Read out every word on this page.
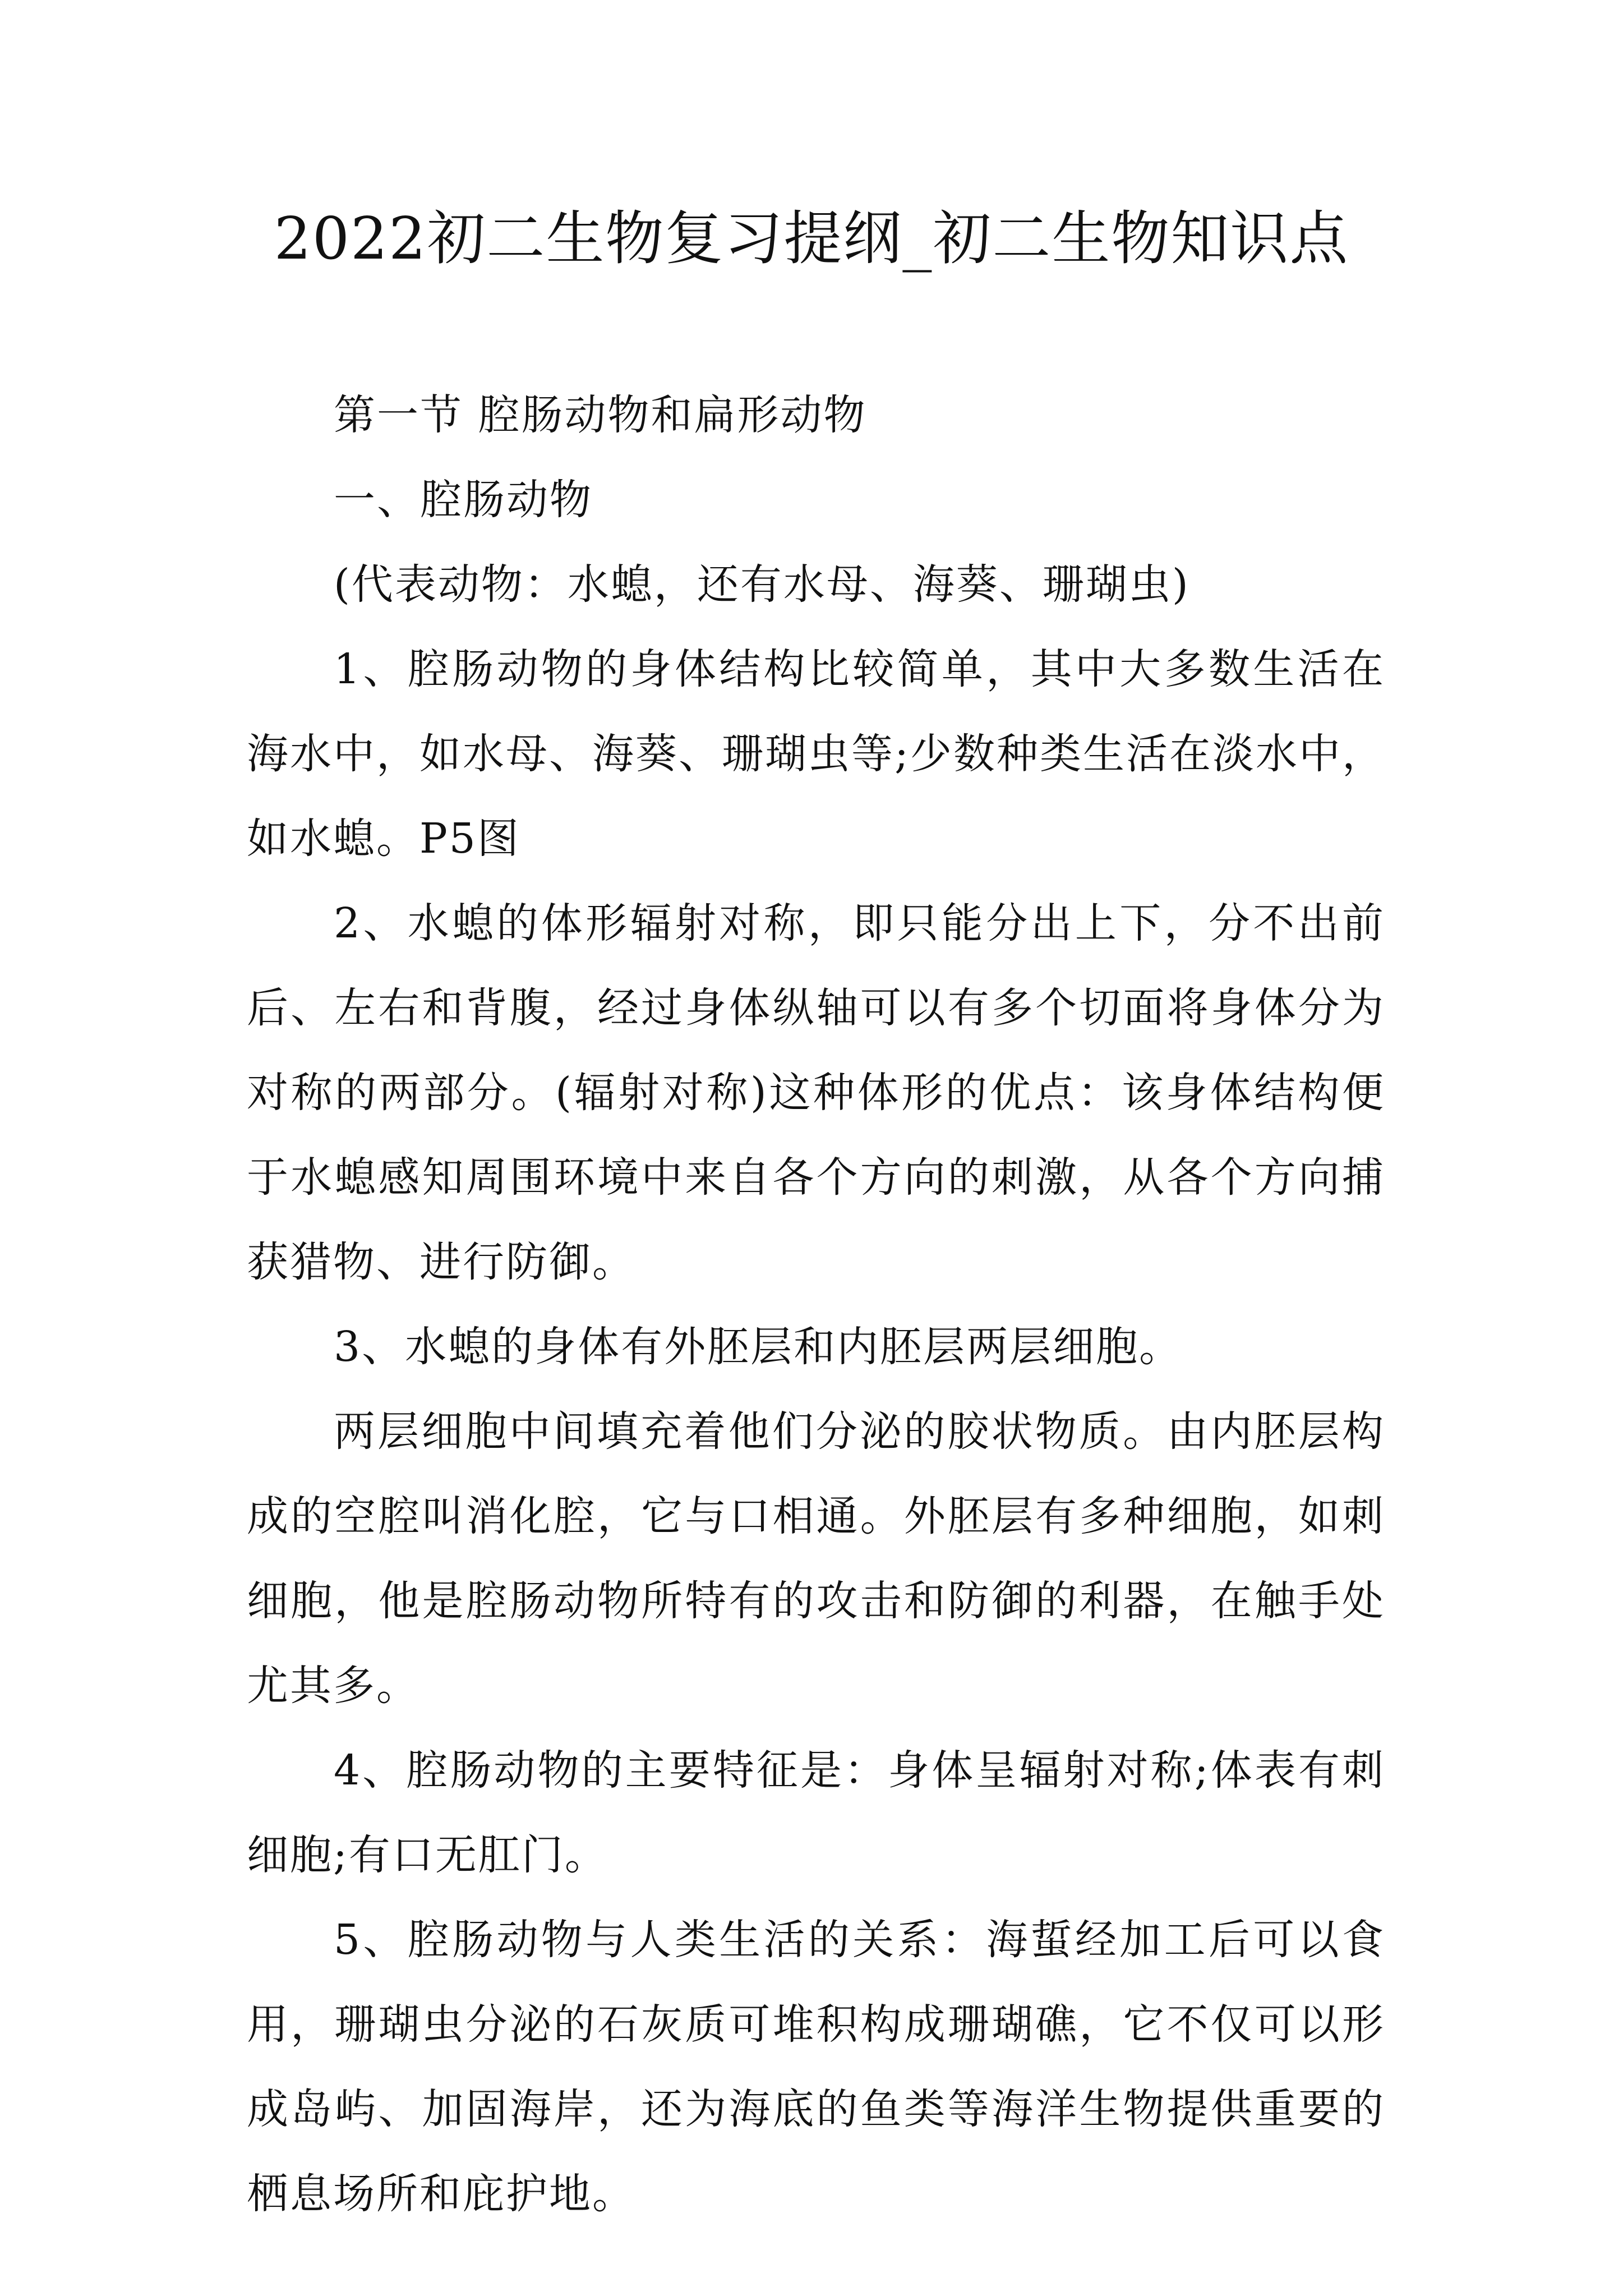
2022初二生物复习提纲_初二生物知识点

第一节 腔肠动物和扁形动物

一、腔肠动物

(代表动物：水螅，还有水母、海葵、珊瑚虫)

1、腔肠动物的身体结构比较简单，其中大多数生活在海水中，如水母、海葵、珊瑚虫等;少数种类生活在淡水中，如水螅。P5图

2、水螅的体形辐射对称，即只能分出上下，分不出前后、左右和背腹，经过身体纵轴可以有多个切面将身体分为对称的两部分。(辐射对称)这种体形的优点：该身体结构便于水螅感知周围环境中来自各个方向的刺激，从各个方向捕获猎物、进行防御。

3、水螅的身体有外胚层和内胚层两层细胞。

两层细胞中间填充着他们分泌的胶状物质。由内胚层构成的空腔叫消化腔，它与口相通。外胚层有多种细胞，如刺细胞，他是腔肠动物所特有的攻击和防御的利器，在触手处尤其多。

4、腔肠动物的主要特征是：身体呈辐射对称;体表有刺细胞;有口无肛门。

5、腔肠动物与人类生活的关系：海蜇经加工后可以食用，珊瑚虫分泌的石灰质可堆积构成珊瑚礁，它不仅可以形成岛屿、加固海岸，还为海底的鱼类等海洋生物提供重要的栖息场所和庇护地。
